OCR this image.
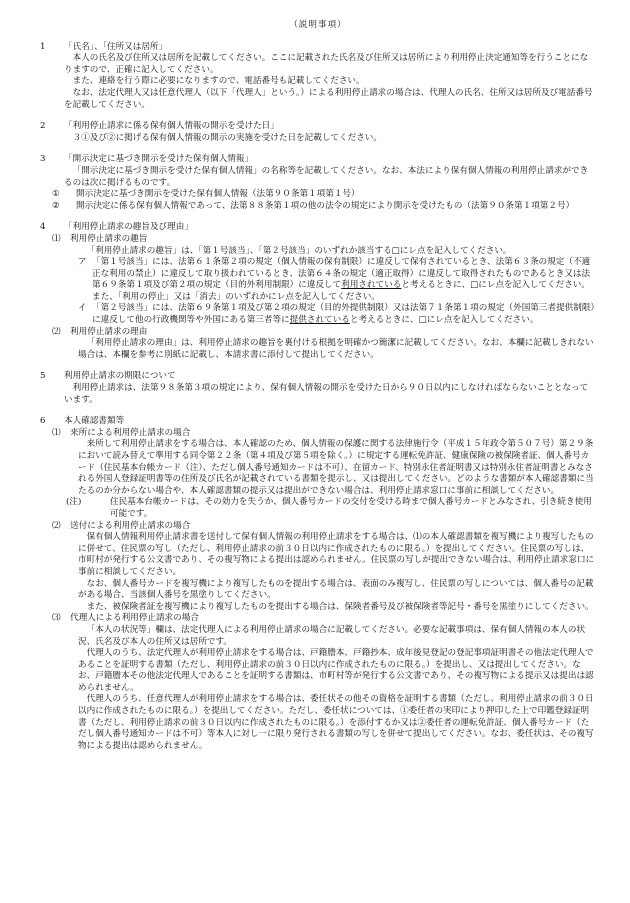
（説明事項）
1	「氏名」、「住所又は居所」

本人の氏名及び住所又は居所を記載してください。ここに記載された氏名及び住所又は居所により利用停止決定通知等を行うことになりますので、正確に記入してください。

また、連絡を行う際に必要になりますので、電話番号も記載してください。

なお、法定代理人又は任意代理人（以下「代理人」という。）による利用停止請求の場合は、代理人の氏名、住所又は居所及び電話番号を記載してください。

2	「利用停止請求に係る保有個人情報の開示を受けた日」

３①及び②に掲げる保有個人情報の開示の実施を受けた日を記載してください。

3	「開示決定に基づき開示を受けた保有個人情報」

「開示決定に基づき開示を受けた保有個人情報」の名称等を記載してください。なお、本法により保有個人情報の利用停止請求ができるのは次に掲げるものです。

①	開示決定に基づき開示を受けた保有個人情報（法第９０条第１項第１号）
②	開示決定に係る保有個人情報であって、法第８８条第１項の他の法令の規定により開示を受けたもの（法第９０条第１項第２号）
4	「利用停止請求の趣旨及び理由」
⑴	利用停止請求の趣旨

「利用停止請求の趣旨」は、「第１号該当」、「第２号該当」のいずれか該当する□にレ点を記入してください。

ア 「第１号該当」には、法第６１条第２項の規定（個人情報の保有制限）に違反して保有されているとき、法第６３条の規定（不適正な利用の禁止）に違反して取り扱われているとき、法第６４条の規定（適正取得）に違反して取得されたものであるとき又は法第６９条第１項及び第２項の規定（目的外利用制限）に違反して利用されていると考えるときに、□にレ点を記入してください。また、「利用の停止」又は「消去」のいずれかにレ点を記入してください。
イ 「第２号該当」には、法第６９条第１項及び第２項の規定（目的外提供制限）又は法第７１条第１項の規定（外国第三者提供制限）に違反して他の行政機関等や外国にある第三者等に提供されていると考えるときに、□にレ点を記入してください。
⑵	利用停止請求の理由

「利用停止請求の理由」は、利用停止請求の趣旨を裏付ける根拠を明確かつ簡潔に記載してください。なお、本欄に記載しきれない場合は、本欄を参考に別紙に記載し、本請求書に添付して提出してください。

5	利用停止請求の期限について

利用停止請求は、法第９８条第３項の規定により、保有個人情報の開示を受けた日から９０日以内にしなければならないこととなっています。

6	本人確認書類等
⑴	来所による利用停止請求の場合

来所して利用停止請求をする場合は、本人確認のため、個人情報の保護に関する法律施行令（平成１５年政令第５０７号）第２９条において読み替えて準用する同令第２２条（第４項及び第５項を除く。）に規定する運転免許証、健康保険の被保険者証、個人番号カード（住民基本台帳カード（注）、ただし個人番号通知カードは不可）、在留カード、特別永住者証明書又は特別永住者証明書とみなされる外国人登録証明書等の住所及び氏名が記載されている書類を提示し、又は提出してください。どのような書類が本人確認書類に当たるのか分からない場合や、本人確認書類の提示又は提出ができない場合は、利用停止請求窓口に事前に相談してください。

(注)	住民基本台帳カードは、その効力を失うか、個人番号カードの交付を受ける時まで個人番号カードとみなされ、引き続き使用可能です。
⑵	送付による利用停止請求の場合

保有個人情報利用停止請求書を送付して保有個人情報の利用停止請求をする場合は、⑴の本人確認書類を複写機により複写したものに併せて、住民票の写し（ただし、利用停止請求の前３０日以内に作成されたものに限る。）を提出してください。住民票の写しは、市町村が発行する公文書であり、その複写物による提出は認められません。住民票の写しが提出できない場合は、利用停止請求窓口に事前に相談してください。

なお、個人番号カードを複写機により複写したものを提出する場合は、表面のみ複写し、住民票の写しについては、個人番号の記載がある場合、当該個人番号を黒塗りしてください。

また、被保険者証を複写機により複写したものを提出する場合は、保険者番号及び被保険者等記号・番号を黒塗りにしてください。

⑶	代理人による利用停止請求の場合

「本人の状況等」欄は、法定代理人による利用停止請求の場合に記載してください。必要な記載事項は、保有個人情報の本人の状況、氏名及び本人の住所又は居所です。

代理人のうち、法定代理人が利用停止請求をする場合は、戸籍謄本、戸籍抄本、成年後見登記の登記事項証明書その他法定代理人であることを証明する書類（ただし、利用停止請求の前３０日以内に作成されたものに限る。）を提出し、又は提出してください。なお、戸籍謄本その他法定代理人であることを証明する書類は、市町村等が発行する公文書であり、その複写物による提示又は提出は認められません。

代理人のうち、任意代理人が利用停止請求をする場合は、委任状その他その資格を証明する書類（ただし、利用停止請求の前３０日以内に作成されたものに限る。）を提出してください。ただし、委任状については、①委任者の実印により押印した上で印鑑登録証明書（ただし、利用停止請求の前３０日以内に作成されたものに限る。）を添付するか又は②委任者の運転免許証、個人番号カード（ただし個人番号通知カードは不可）等本人に対し一に限り発行される書類の写しを併せて提出してください。なお、委任状は、その複写物による提出は認められません。
